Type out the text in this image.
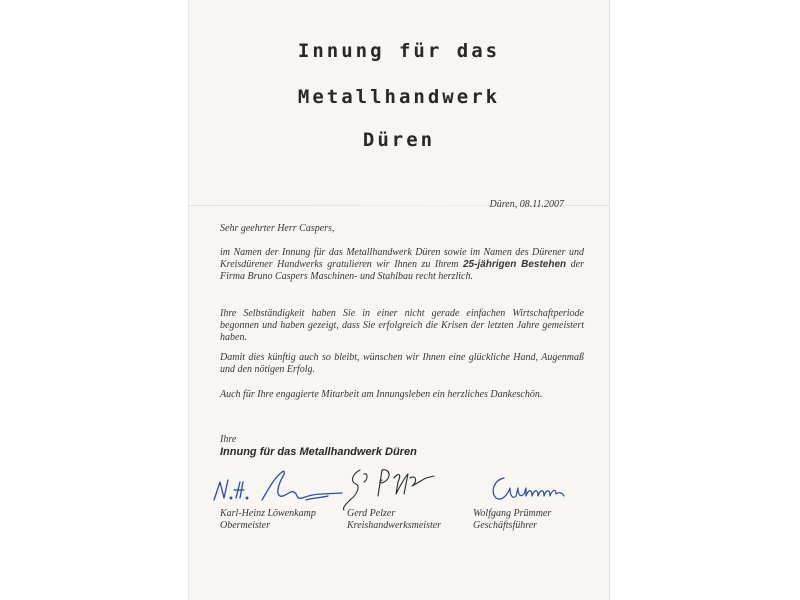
Innung für das
Metallhandwerk
Düren
Düren, 08.11.2007
Sehr geehrter Herr Caspers,
im Namen der Innung für das Metallhandwerk Düren sowie im Namen des Dürener und Kreisdürener Handwerks gratulieren wir Ihnen zu Ihrem 25-jährigen Bestehen der Firma Bruno Caspers Maschinen- und Stahlbau recht herzlich.
Ihre Selbständigkeit haben Sie in einer nicht gerade einfachen Wirtschaftperiode begonnen und haben gezeigt, dass Sie erfolgreich die Krisen der letzten Jahre gemeistert haben.
Damit dies künftig auch so bleibt, wünschen wir Ihnen eine glückliche Hand, Augenmaß und den nötigen Erfolg.
Auch für Ihre engagierte Mitarbeit am Innungsleben ein herzliches Dankeschön.
Ihre
Innung für das Metallhandwerk Düren
Karl-Heinz Löwenkamp
Obermeister
Gerd Pelzer
Kreishandwerksmeister
Wolfgang Prümmer
Geschäftsführer
